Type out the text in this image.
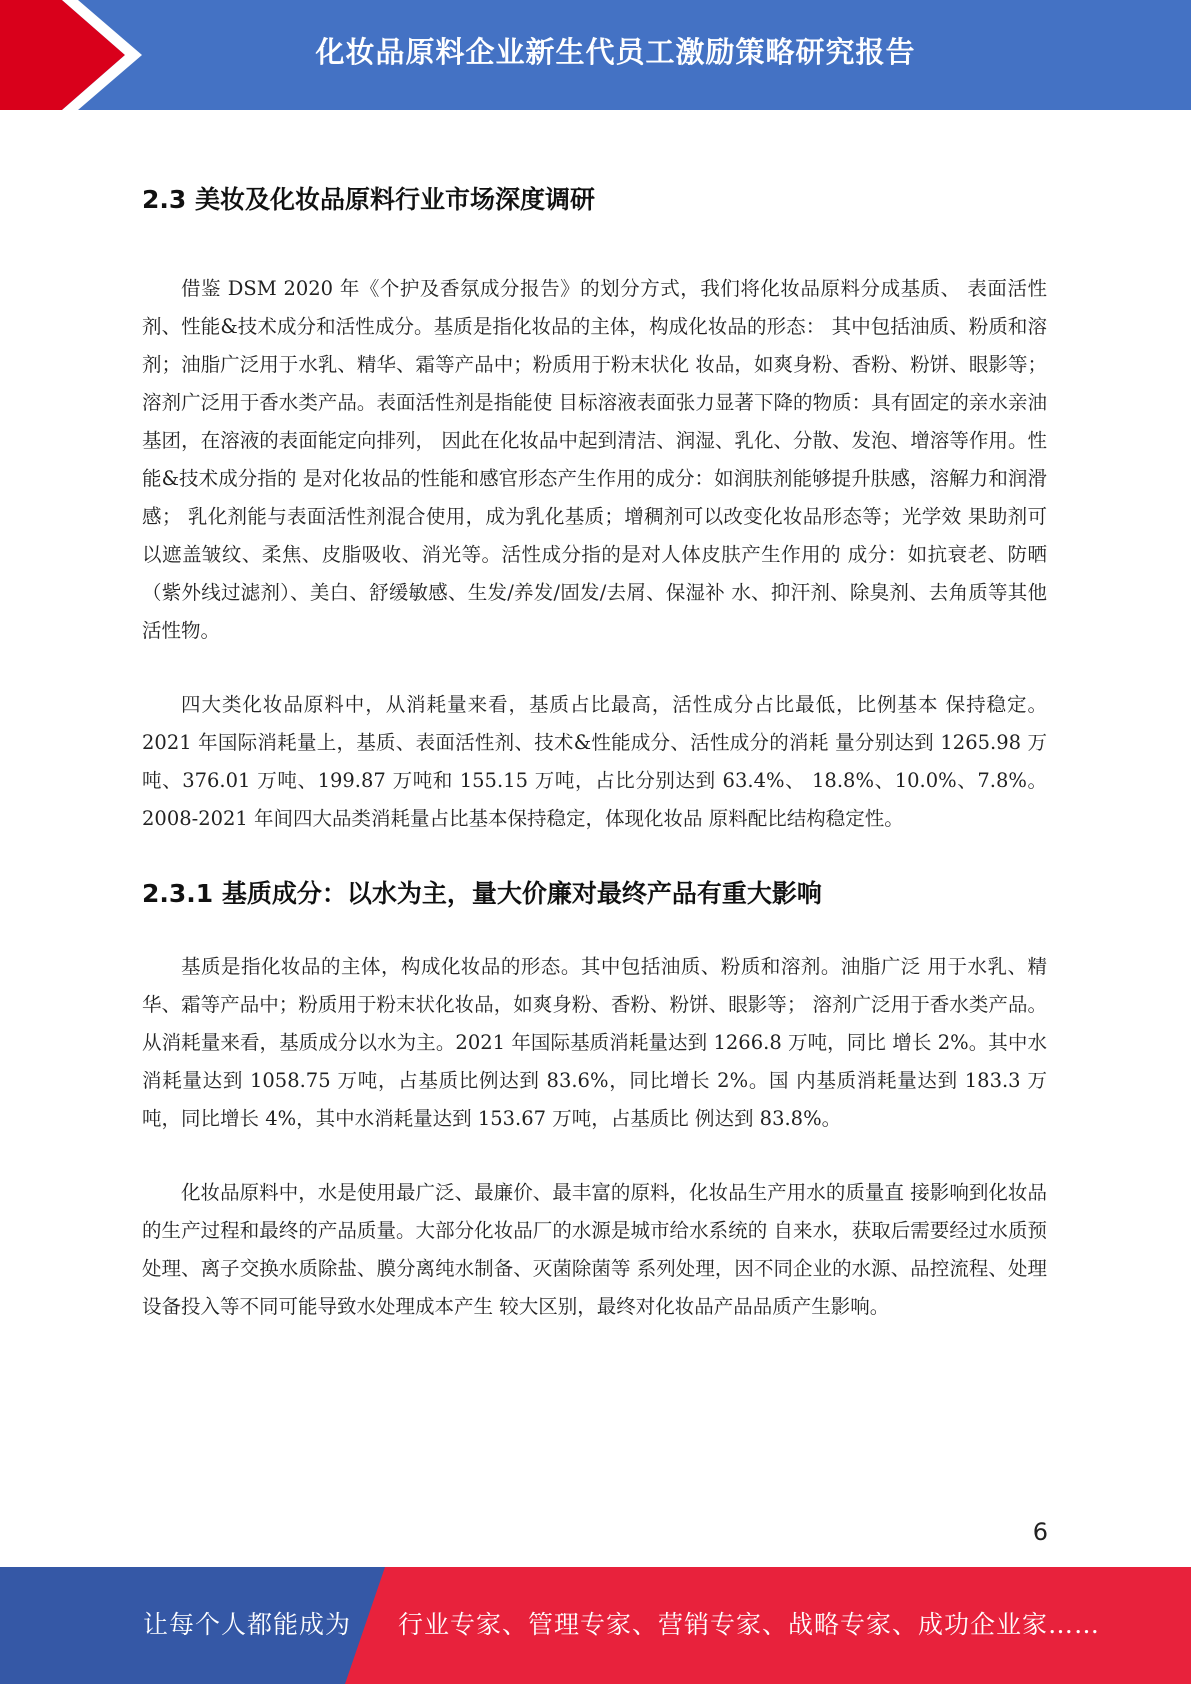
化妆品原料企业新生代员工激励策略研究报告
2.3 美妆及化妆品原料行业市场深度调研

借鉴 DSM 2020 年《个护及香氛成分报告》的划分方式，我们将化妆品原料分成基质、 表面活性剂、性能&技术成分和活性成分。基质是指化妆品的主体，构成化妆品的形态： 其中包括油质、粉质和溶剂；油脂广泛用于水乳、精华、霜等产品中；粉质用于粉末状化 妆品，如爽身粉、香粉、粉饼、眼影等；溶剂广泛用于香水类产品。表面活性剂是指能使 目标溶液表面张力显著下降的物质：具有固定的亲水亲油基团，在溶液的表面能定向排列， 因此在化妆品中起到清洁、润湿、乳化、分散、发泡、增溶等作用。性能&技术成分指的 是对化妆品的性能和感官形态产生作用的成分：如润肤剂能够提升肤感，溶解力和润滑感； 乳化剂能与表面活性剂混合使用，成为乳化基质；增稠剂可以改变化妆品形态等；光学效 果助剂可以遮盖皱纹、柔焦、皮脂吸收、消光等。活性成分指的是对人体皮肤产生作用的 成分：如抗衰老、防晒（紫外线过滤剂）、美白、舒缓敏感、生发/养发/固发/去屑、保湿补 水、抑汗剂、除臭剂、去角质等其他活性物。

四大类化妆品原料中，从消耗量来看，基质占比最高，活性成分占比最低，比例基本 保持稳定。2021 年国际消耗量上，基质、表面活性剂、技术&性能成分、活性成分的消耗 量分别达到 1265.98 万吨、376.01 万吨、199.87 万吨和 155.15 万吨，占比分别达到 63.4%、 18.8%、10.0%、7.8%。2008-2021 年间四大品类消耗量占比基本保持稳定，体现化妆品 原料配比结构稳定性。

2.3.1 基质成分：以水为主，量大价廉对最终产品有重大影响

基质是指化妆品的主体，构成化妆品的形态。其中包括油质、粉质和溶剂。油脂广泛 用于水乳、精华、霜等产品中；粉质用于粉末状化妆品，如爽身粉、香粉、粉饼、眼影等； 溶剂广泛用于香水类产品。 从消耗量来看，基质成分以水为主。2021 年国际基质消耗量达到 1266.8 万吨，同比 增长 2%。其中水消耗量达到 1058.75 万吨，占基质比例达到 83.6%，同比增长 2%。国 内基质消耗量达到 183.3 万吨，同比增长 4%，其中水消耗量达到 153.67 万吨，占基质比 例达到 83.8%。

化妆品原料中，水是使用最广泛、最廉价、最丰富的原料，化妆品生产用水的质量直 接影响到化妆品的生产过程和最终的产品质量。大部分化妆品厂的水源是城市给水系统的 自来水，获取后需要经过水质预处理、离子交换水质除盐、膜分离纯水制备、灭菌除菌等 系列处理，因不同企业的水源、品控流程、处理设备投入等不同可能导致水处理成本产生 较大区别，最终对化妆品产品品质产生影响。

6
让每个人都能成为 行业专家、管理专家、营销专家、战略专家、成功企业家……
